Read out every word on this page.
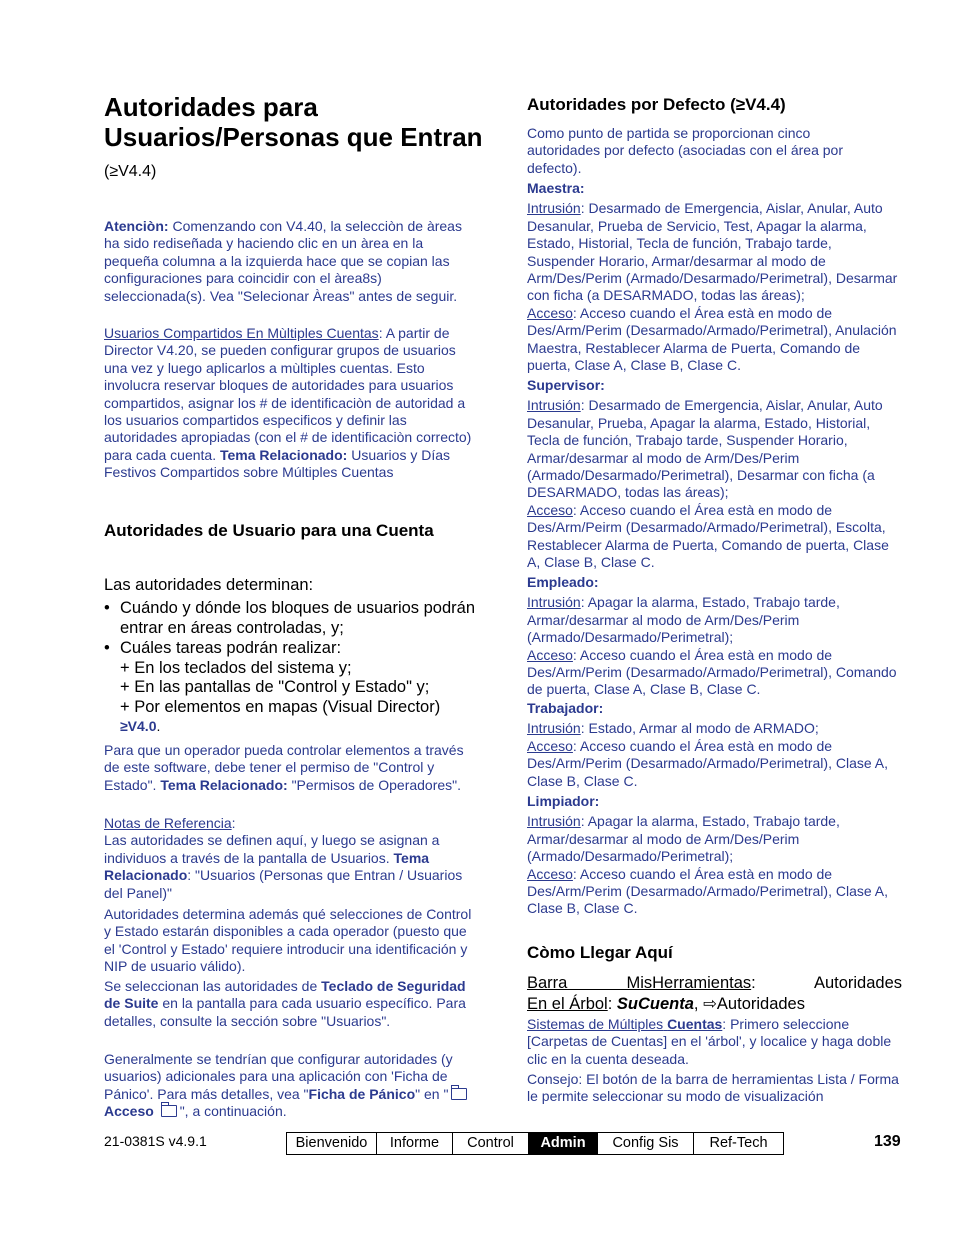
Autoridades para Usuarios/Personas que Entran (≥V4.4)

Atenciòn: Comenzando con V4.40, la selecciòn de àreas ha sido rediseñada y haciendo clic en un àrea en la pequeña columna a la izquierda hace que se copian las configuraciones para coincidir con el àrea8s) seleccionada(s). Vea "Selecionar Àreas" antes de seguir.

Usuarios Compartidos En Mùltiples Cuentas: A partir de Director V4.20, se pueden configurar grupos de usuarios una vez y luego aplicarlos a mùltiples cuentas. Esto involucra reservar bloques de autoridades para usuarios compartidos, asignar los # de identificaciòn de autoridad a los usuarios compartidos especificos y definir las autoridades apropiadas (con el # de identificaciòn correcto) para cada cuenta. Tema Relacionado: Usuarios y Días Festivos Compartidos sobre Múltiples Cuentas

Autoridades de Usuario para una Cuenta

Las autoridades determinan:

• Cuándo y dónde los bloques de usuarios podrán entrar en áreas controladas, y;
• Cuáles tareas podrán realizar:

+ En los teclados del sistema y;

+ En las pantallas de "Control y Estado" y;

+ Por elementos en mapas (Visual Director)

≥V4.0.

Para que un operador pueda controlar elementos a través de este software, debe tener el permiso de "Control y Estado". Tema Relacionado: "Permisos de Operadores".

Notas de Referencia:
Las autoridades se definen aquí, y luego se asignan a individuos a través de la pantalla de Usuarios. Tema Relacionado: "Usuarios (Personas que Entran / Usuarios del Panel)"

Autoridades determina además qué selecciones de Control y Estado estarán disponibles a cada operador (puesto que el 'Control y Estado' requiere introducir una identificación y NIP de usuario válido).

Se seleccionan las autoridades de Teclado de Seguridad de Suite en la pantalla para cada usuario específico. Para detalles, consulte la sección sobre "Usuarios".

Generalmente se tendrían que configurar autoridades (y usuarios) adicionales para una aplicación con 'Ficha de Pánico'. Para más detalles, vea "Ficha de Pánico" en "Acceso ", a continuación.

Autoridades por Defecto (≥V4.4)

Como punto de partida se proporcionan cinco autoridades por defecto (asociadas con el área por defecto).

Maestra:
Intrusión: Desarmado de Emergencia, Aislar, Anular, Auto Desanular, Prueba de Servicio, Test, Apagar la alarma, Estado, Historial, Tecla de función, Trabajo tarde, Suspender Horario, Armar/desarmar al modo de Arm/Des/Perim (Armado/Desarmado/Perimetral), Desarmar con ficha (a DESARMADO, todas las áreas);
Acceso: Acceso cuando el Área està en modo de Des/Arm/Perim (Desarmado/Armado/Perimetral), Anulación Maestra, Restablecer Alarma de Puerta, Comando de puerta, Clase A, Clase B, Clase C.
Supervisor:
Intrusión: Desarmado de Emergencia, Aislar, Anular, Auto Desanular, Prueba, Apagar la alarma, Estado, Historial, Tecla de función, Trabajo tarde, Suspender Horario, Armar/desarmar al modo de Arm/Des/Perim (Armado/Desarmado/Perimetral), Desarmar con ficha (a DESARMADO, todas las áreas);
Acceso: Acceso cuando el Área està en modo de Des/Arm/Peirm (Desarmado/Armado/Perimetral), Escolta, Restablecer Alarma de Puerta, Comando de puerta, Clase A, Clase B, Clase C.
Empleado:
Intrusión: Apagar la alarma, Estado, Trabajo tarde, Armar/desarmar al modo de Arm/Des/Perim (Armado/Desarmado/Perimetral);
Acceso: Acceso cuando el Área està en modo de Des/Arm/Perim (Desarmado/Armado/Perimetral), Comando de puerta, Clase A, Clase B, Clase C.
Trabajador:
Intrusión: Estado, Armar al modo de ARMADO;
Acceso: Acceso cuando el Área està en modo de Des/Arm/Perim (Desarmado/Armado/Perimetral), Clase A, Clase B, Clase C.
Limpiador:
Intrusión: Apagar la alarma, Estado, Trabajo tarde, Armar/desarmar al modo de Arm/Des/Perim (Armado/Desarmado/Perimetral);
Acceso: Acceso cuando el Área està en modo de Des/Arm/Perim (Desarmado/Armado/Perimetral), Clase A, Clase B, Clase C.

Còmo Llegar Aquí

Barra MisHerramientas: Autoridades

En el Árbol: SuCuenta, ⇨Autoridades

Sistemas de Múltiples Cuentas: Primero seleccione [Carpetas de Cuentas] en el 'árbol', y localice y haga doble clic en la cuenta deseada.

Consejo: El botón de la barra de herramientas Lista / Forma le permite seleccionar su modo de visualización

21-0381S v4.9.1	Bienvenido	Informe	Control	Admin	Config Sis	Ref-Tech	139
